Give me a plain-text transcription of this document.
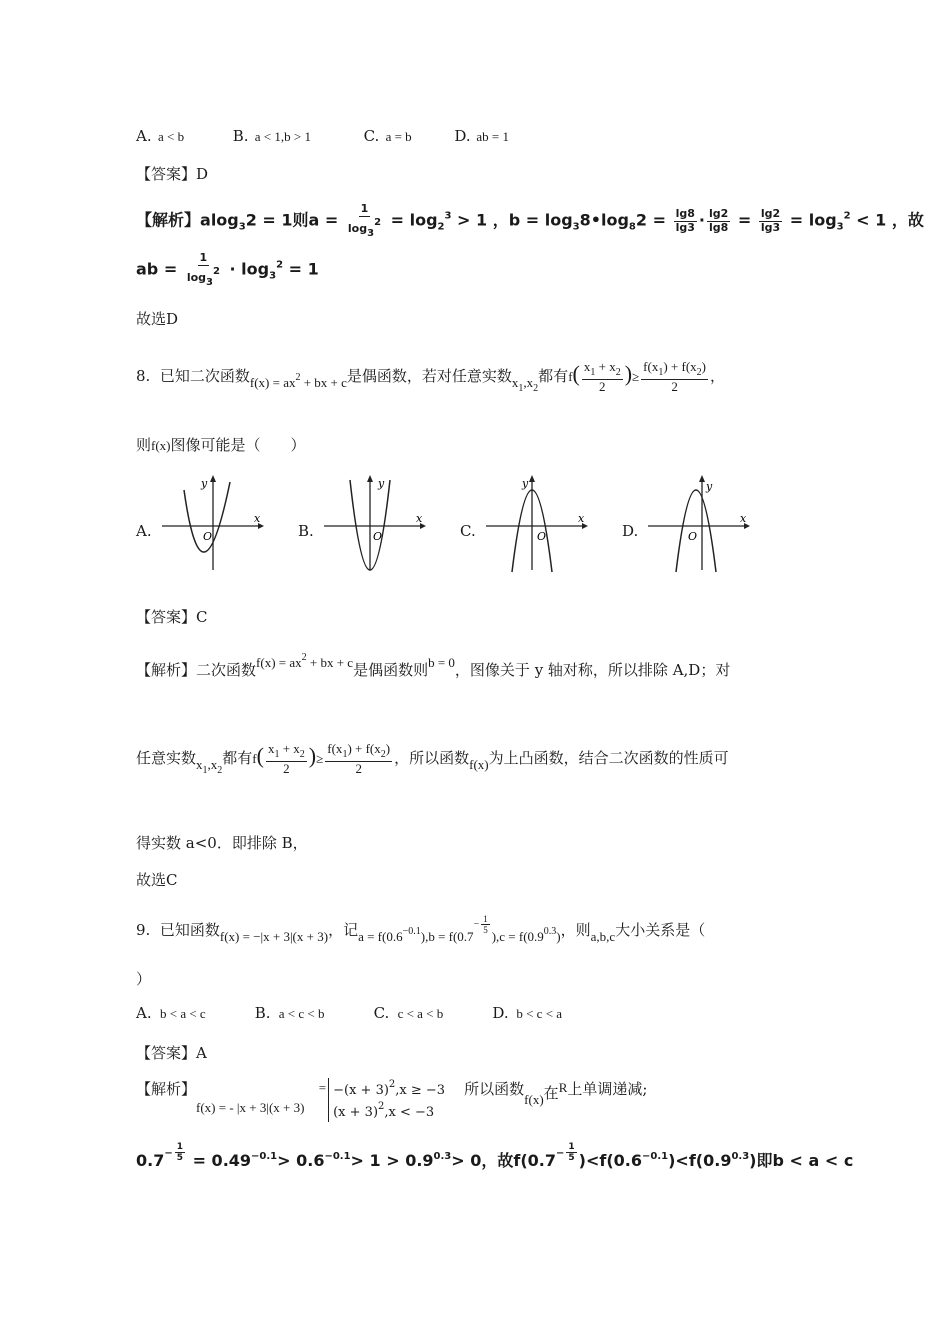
A. a < b	B. a < 1,b > 1	C. a = b	D. ab = 1
【答案】D
【解析】alog$_3$2 = 1则$a = \frac{1}{\log 32} = \log_2^3 > 1$ ，$b = \log_38•\log_82 = \frac{\lg 8}{\lg 3} \cdot \frac{\lg 2}{\lg 8} = \frac{\lg 2}{\lg 3} = \log_3^2 < 1$ ，故
ab = $\frac{1}{\log 32} \cdot \log_3^2 = 1$
故选D
8. 已知二次函数$f(x) = ax^2$ + bx + c是偶函数，若对任意实数$x_1,x_2$都有$f( \frac{x_1 + x_2}{2}$ )≥ $\frac{f(x_1) + f(x_2)}{2}$ ，
则f(x)图像可能是（　　）
A.	B.	C.	D.
y
x
O
y
x
O
y
x
O
y
x
O
【答案】C
【解析】二次函数$f(x) = ax^2$ + bx + c是偶函数则b = 0，图像关于 y 轴对称，所以排除 A,D；对
任意实数$x_1,x_2$都有$f( \frac{x_1 + x_2}{2}$ )≥ $\frac{f(x_1) + f(x_2)}{2}$ ，所以函数f(x)为上凸函数，结合二次函数的性质可
得实数 a<0．即排除 B，
故选C
9. 已知函数f(x) = −|x + 3|(x + 3)，记$a = f(0.6^{-0.1}),b = f(0.7^{- \frac{1}{5}}$
)$,c = f(0.9^{0.3})$，则a,b,c大小关系是（
）
A. b < a < c	B. a < c < b	C. c < a < b	D. b < c < a
【答案】A
【解析】f(x) = - $|x + 3|(x + 3) = -(x + 3)^2,x \ge -3$
$(x + 3)^2,x < -3$
所以函数f(x)在R上单调递减;
$0.7^{- \frac{1}{5}} = 0.49^{-0.1}> 0.6^{-0.1}> 1 > 0.9^{0.3}> 0$，故$f(0.7^{- \frac{1}{5}}$ )$<f(0.6^{-0.1})<f(0.9^{0.3})$即b < a < c
